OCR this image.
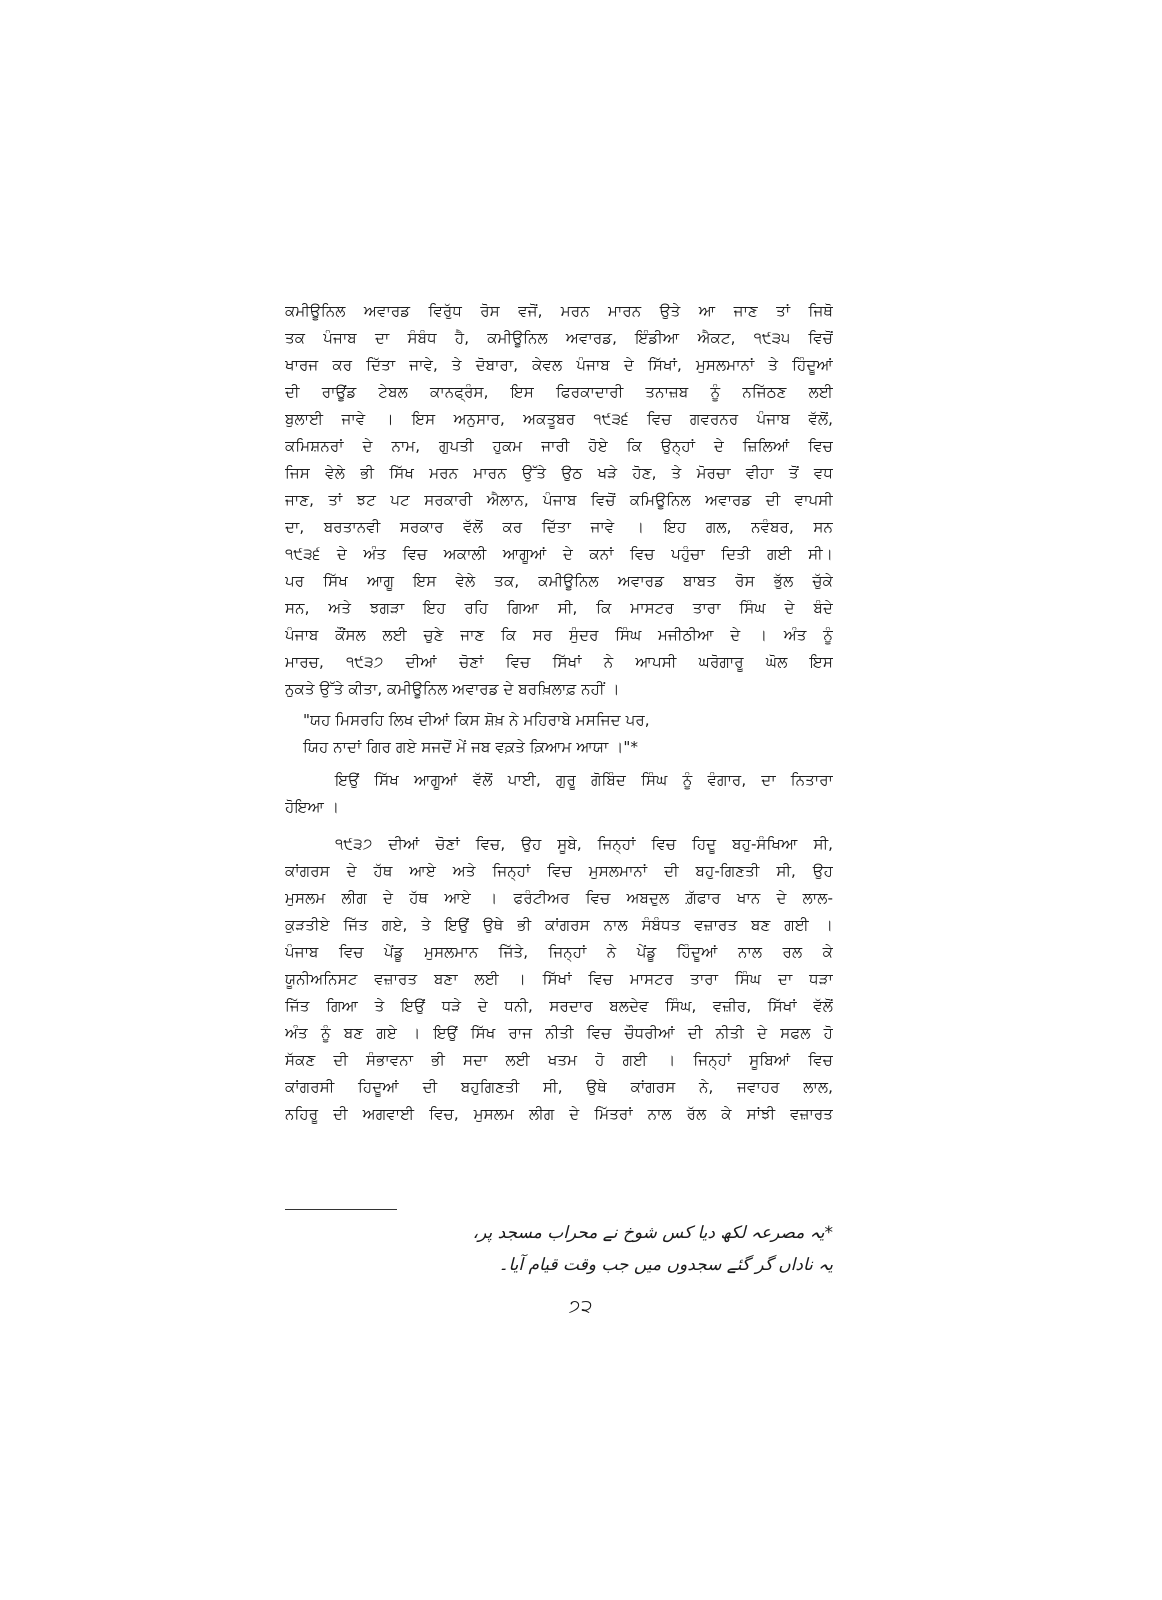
ਕਮੀਊਨਿਲ ਅਵਾਰਡ ਵਿਰੁੱਧ ਰੋਸ ਵਜੋਂ, ਮਰਨ ਮਾਰਨ ਉਤੇ ਆ ਜਾਣ ਤਾਂ ਜਿਥੋ
ਤਕ ਪੰਜਾਬ ਦਾ ਸੰਬੰਧ ਹੈ, ਕਮੀਊਨਿਲ ਅਵਾਰਡ, ਇੰਡੀਆ ਐਕਟ, ੧੯੩੫ ਵਿਚੋਂ
ਖਾਰਜ ਕਰ ਦਿੱਤਾ ਜਾਵੇ, ਤੇ ਦੋਬਾਰਾ, ਕੇਵਲ ਪੰਜਾਬ ਦੇ ਸਿੱਖਾਂ, ਮੁਸਲਮਾਨਾਂ ਤੇ ਹਿੰਦੂਆਂ
ਦੀ ਰਾਊਂਡ ਟੇਬਲ ਕਾਨਫ੍ਰੰਸ, ਇਸ ਫਿਰਕਾਦਾਰੀ ਤਨਾਜ਼ਬ ਨੂੰ ਨਜਿੱਠਣ ਲਈ
ਬੁਲਾਈ ਜਾਵੇ । ਇਸ ਅਨੁਸਾਰ, ਅਕਤੂਬਰ ੧੯੩੬ ਵਿਚ ਗਵਰਨਰ ਪੰਜਾਬ ਵੱਲੋਂ,
ਕਮਿਸ਼ਨਰਾਂ ਦੇ ਨਾਮ, ਗੁਪਤੀ ਹੁਕਮ ਜਾਰੀ ਹੋਏ ਕਿ ਉਨ੍ਹਾਂ ਦੇ ਜ਼ਿਲਿਆਂ ਵਿਚ
ਜਿਸ ਵੇਲੇ ਭੀ ਸਿੱਖ ਮਰਨ ਮਾਰਨ ਉੱਤੇ ਉਠ ਖੜੇ ਹੋਣ, ਤੇ ਮੋਰਚਾ ਵੀਹਾ ਤੋਂ ਵਧ
ਜਾਣ, ਤਾਂ ਝਟ ਪਟ ਸਰਕਾਰੀ ਐਲਾਨ, ਪੰਜਾਬ ਵਿਚੋਂ ਕਮਿਊਨਿਲ ਅਵਾਰਡ ਦੀ ਵਾਪਸੀ
ਦਾ, ਬਰਤਾਨਵੀ ਸਰਕਾਰ ਵੱਲੋਂ ਕਰ ਦਿੱਤਾ ਜਾਵੇ । ਇਹ ਗਲ, ਨਵੰਬਰ, ਸਨ
੧੯੩੬ ਦੇ ਅੰਤ ਵਿਚ ਅਕਾਲੀ ਆਗੂਆਂ ਦੇ ਕਨਾਂ ਵਿਚ ਪਹੁੰਚਾ ਦਿਤੀ ਗਈ ਸੀ।
ਪਰ ਸਿੱਖ ਆਗੂ ਇਸ ਵੇਲੇ ਤਕ, ਕਮੀਊਨਿਲ ਅਵਾਰਡ ਬਾਬਤ ਰੋਸ ਭੁੱਲ ਚੁੱਕੇ
ਸਨ, ਅਤੇ ਝਗੜਾ ਇਹ ਰਹਿ ਗਿਆ ਸੀ, ਕਿ ਮਾਸਟਰ ਤਾਰਾ ਸਿੰਘ ਦੇ ਬੰਦੇ
ਪੰਜਾਬ ਕੌਂਸਲ ਲਈ ਚੁਣੇ ਜਾਣ ਕਿ ਸਰ ਸੁੰਦਰ ਸਿੰਘ ਮਜੀਠੀਆ ਦੇ । ਅੰਤ ਨੂੰ
ਮਾਰਚ, ੧੯੩੭ ਦੀਆਂ ਚੋਣਾਂ ਵਿਚ ਸਿੱਖਾਂ ਨੇ ਆਪਸੀ ਘਰੋਗਾਰੂ ਘੋਲ ਇਸ
ਨੁਕਤੇ ਉੱਤੇ ਕੀਤਾ, ਕਮੀਊਨਿਲ ਅਵਾਰਡ ਦੇ ਬਰਖ਼ਿਲਾਫ਼ ਨਹੀਂ ।
"ਯਹ ਮਿਸਰਹਿ ਲਿਖ ਦੀਆਂ ਕਿਸ ਸ਼ੋਖ਼ ਨੇ ਮਹਿਰਾਬੇ ਮਸਜਿਦ ਪਰ,
ਯਿਹ ਨਾਦਾਂ ਗਿਰ ਗਏ ਸਜਦੋਂ ਮੇਂ ਜਬ ਵਕ਼ਤੇ ਕ਼ਿਆਮ ਆਯਾ ।"*
ਇਉਂ ਸਿੱਖ ਆਗੂਆਂ ਵੱਲੋਂ ਪਾਈ, ਗੁਰੂ ਗੋਬਿੰਦ ਸਿੰਘ ਨੂੰ ਵੰਗਾਰ, ਦਾ ਨਿਤਾਰਾ
ਹੋਇਆ ।
੧੯੩੭ ਦੀਆਂ ਚੋਣਾਂ ਵਿਚ, ਉਹ ਸੂਬੇ, ਜਿਨ੍ਹਾਂ ਵਿਚ ਹਿਦੂ ਬਹੁ-ਸੰਖਿਆ ਸੀ,
ਕਾਂਗਰਸ ਦੇ ਹੱਥ ਆਏ ਅਤੇ ਜਿਨ੍ਹਾਂ ਵਿਚ ਮੁਸਲਮਾਨਾਂ ਦੀ ਬਹੁ-ਗਿਣਤੀ ਸੀ, ਉਹ
ਮੁਸਲਮ ਲੀਗ ਦੇ ਹੱਥ ਆਏ । ਫਰੰਟੀਅਰ ਵਿਚ ਅਬਦੁਲ ਗ਼ੱਫਾਰ ਖਾਨ ਦੇ ਲਾਲ-
ਕੁੜਤੀਏ ਜਿੱਤ ਗਏ, ਤੇ ਇਉਂ ਉਥੇ ਭੀ ਕਾਂਗਰਸ ਨਾਲ ਸੰਬੰਧਤ ਵਜ਼ਾਰਤ ਬਣ ਗਈ ।
ਪੰਜਾਬ ਵਿਚ ਪੇਂਡੂ ਮੁਸਲਮਾਨ ਜਿੱਤੇ, ਜਿਨ੍ਹਾਂ ਨੇ ਪੇਂਡੂ ਹਿੰਦੂਆਂ ਨਾਲ ਰਲ ਕੇ
ਯੂਨੀਅਨਿਸਟ ਵਜ਼ਾਰਤ ਬਣਾ ਲਈ । ਸਿੱਖਾਂ ਵਿਚ ਮਾਸਟਰ ਤਾਰਾ ਸਿੰਘ ਦਾ ਧੜਾ
ਜਿੱਤ ਗਿਆ ਤੇ ਇਉਂ ਧੜੇ ਦੇ ਧਨੀ, ਸਰਦਾਰ ਬਲਦੇਵ ਸਿੰਘ, ਵਜ਼ੀਰ, ਸਿੱਖਾਂ ਵੱਲੋਂ
ਅੰਤ ਨੂੰ ਬਣ ਗਏ । ਇਉਂ ਸਿੱਖ ਰਾਜ ਨੀਤੀ ਵਿਚ ਚੌਧਰੀਆਂ ਦੀ ਨੀਤੀ ਦੇ ਸਫਲ ਹੋ
ਸੱਕਣ ਦੀ ਸੰਭਾਵਨਾ ਭੀ ਸਦਾ ਲਈ ਖਤਮ ਹੋ ਗਈ । ਜਿਨ੍ਹਾਂ ਸੂਬਿਆਂ ਵਿਚ
ਕਾਂਗਰਸੀ ਹਿਦੂਆਂ ਦੀ ਬਹੁਗਿਣਤੀ ਸੀ, ਉਥੇ ਕਾਂਗਰਸ ਨੇ, ਜਵਾਹਰ ਲਾਲ,
ਨਹਿਰੂ ਦੀ ਅਗਵਾਈ ਵਿਚ, ਮੁਸਲਮ ਲੀਗ ਦੇ ਮਿੱਤਰਾਂ ਨਾਲ ਰੱਲ ਕੇ ਸਾਂਝੀ ਵਜ਼ਾਰਤ
*یہ مصرعہ لکھ دیا کس شوخ نے محراب مسجد پر،
یہ ناداں گر گئے سجدوں میں جب وقت قیام آیا۔
੭੨
